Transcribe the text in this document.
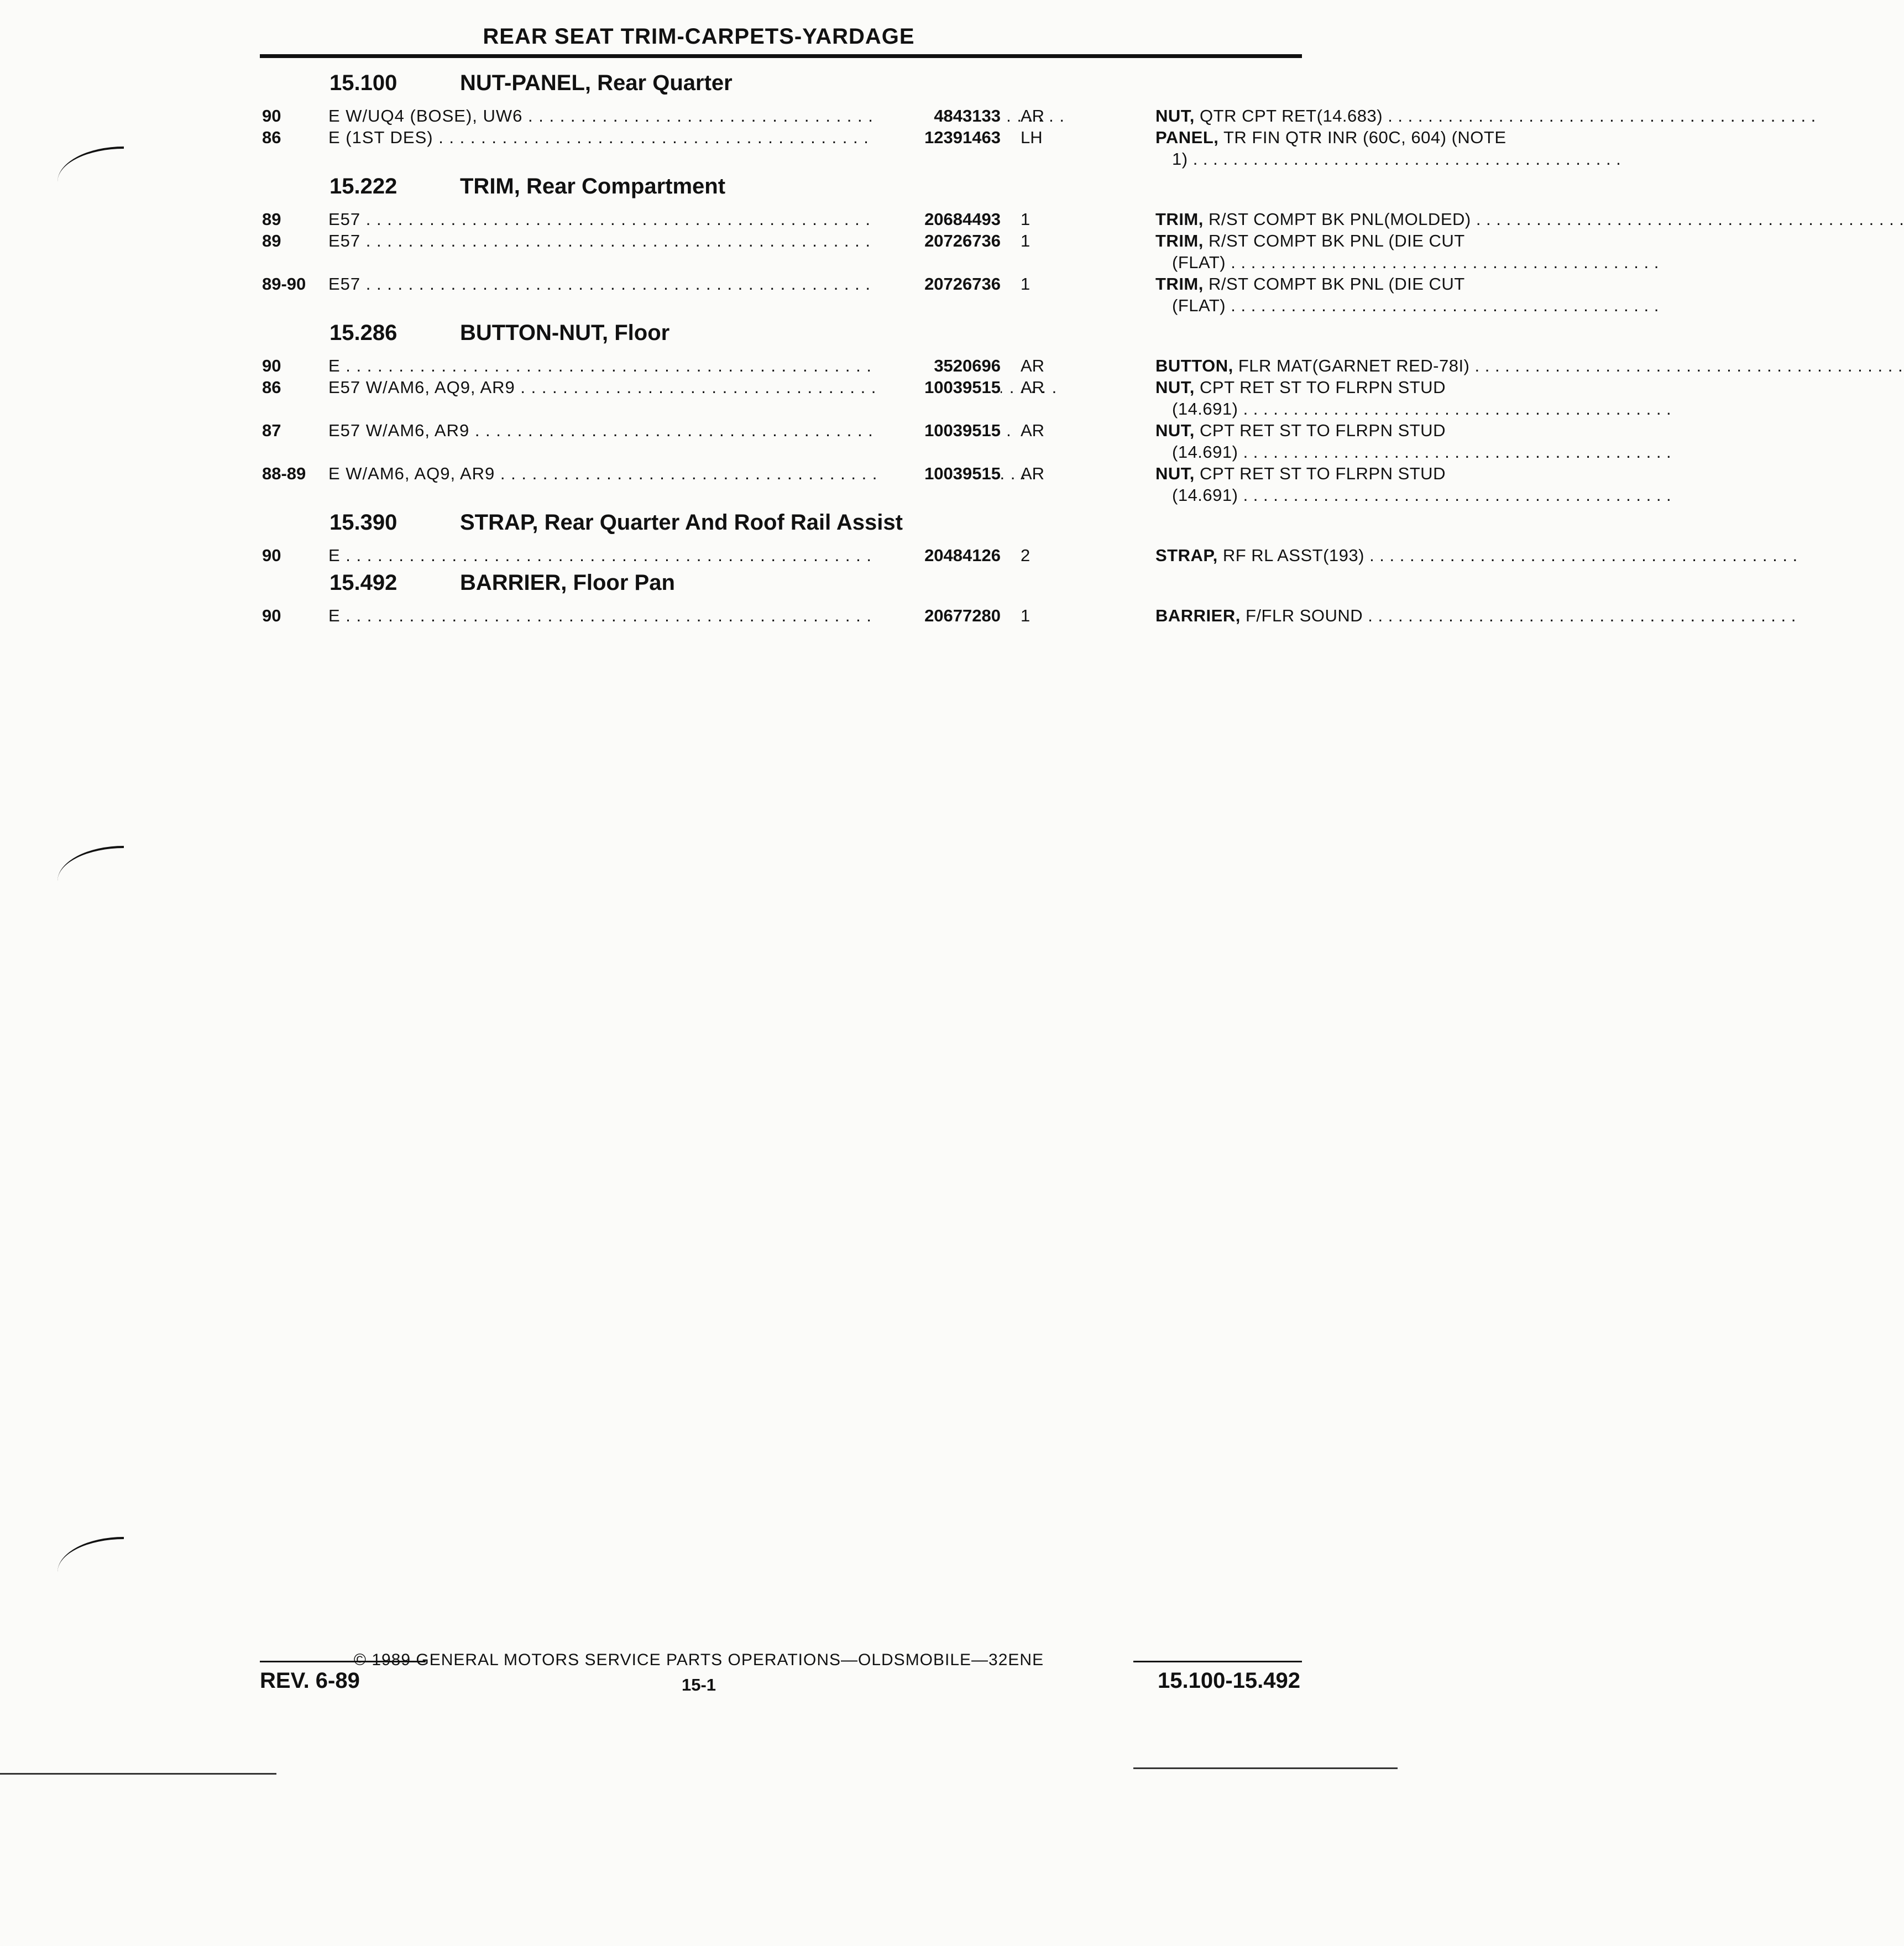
REAR SEAT TRIM-CARPETS-YARDAGE
15.100	NUT-PANEL, Rear Quarter
90	E W/UQ4 (BOSE), UW6 . . .	4843133 AR	NUT, QTR CPT RET(14.683) . . .
86	E (1ST DES) . . .	12391463 LH	PANEL, TR FIN QTR INR (60C, 604) (NOTE
1) . . .
15.222	TRIM, Rear Compartment
89	E57 . . .	20684493 1	TRIM, R/ST COMPT BK PNL(MOLDED) . . .
89	E57 . . .	20726736 1	TRIM, R/ST COMPT BK PNL (DIE CUT
(FLAT) . . .
89-90 E57 . . .	20726736 1	TRIM, R/ST COMPT BK PNL (DIE CUT
(FLAT) . . .
15.286	BUTTON-NUT, Floor
90	E . . .	3520696 AR	BUTTON, FLR MAT(GARNET RED-78I) . . .
86	E57 W/AM6, AQ9, AR9 . . .	10039515 AR	NUT, CPT RET ST TO FLRPN STUD
(14.691) . . .
87	E57 W/AM6, AR9 . . .	10039515 AR	NUT, CPT RET ST TO FLRPN STUD
(14.691) . . .
88-89 E W/AM6, AQ9, AR9 . . .	10039515 AR	NUT, CPT RET ST TO FLRPN STUD
(14.691) . . .
15.390	STRAP, Rear Quarter And Roof Rail Assist
90	E . . .	20484126 2	STRAP, RF RL ASST(193) . . .
15.492	BARRIER, Floor Pan
90	E . . .	20677280 1	BARRIER, F/FLR SOUND . . .
© 1989 GENERAL MOTORS SERVICE PARTS OPERATIONS—OLDSMOBILE—32ENE
REV. 6-89	15-1	15.100-15.492
